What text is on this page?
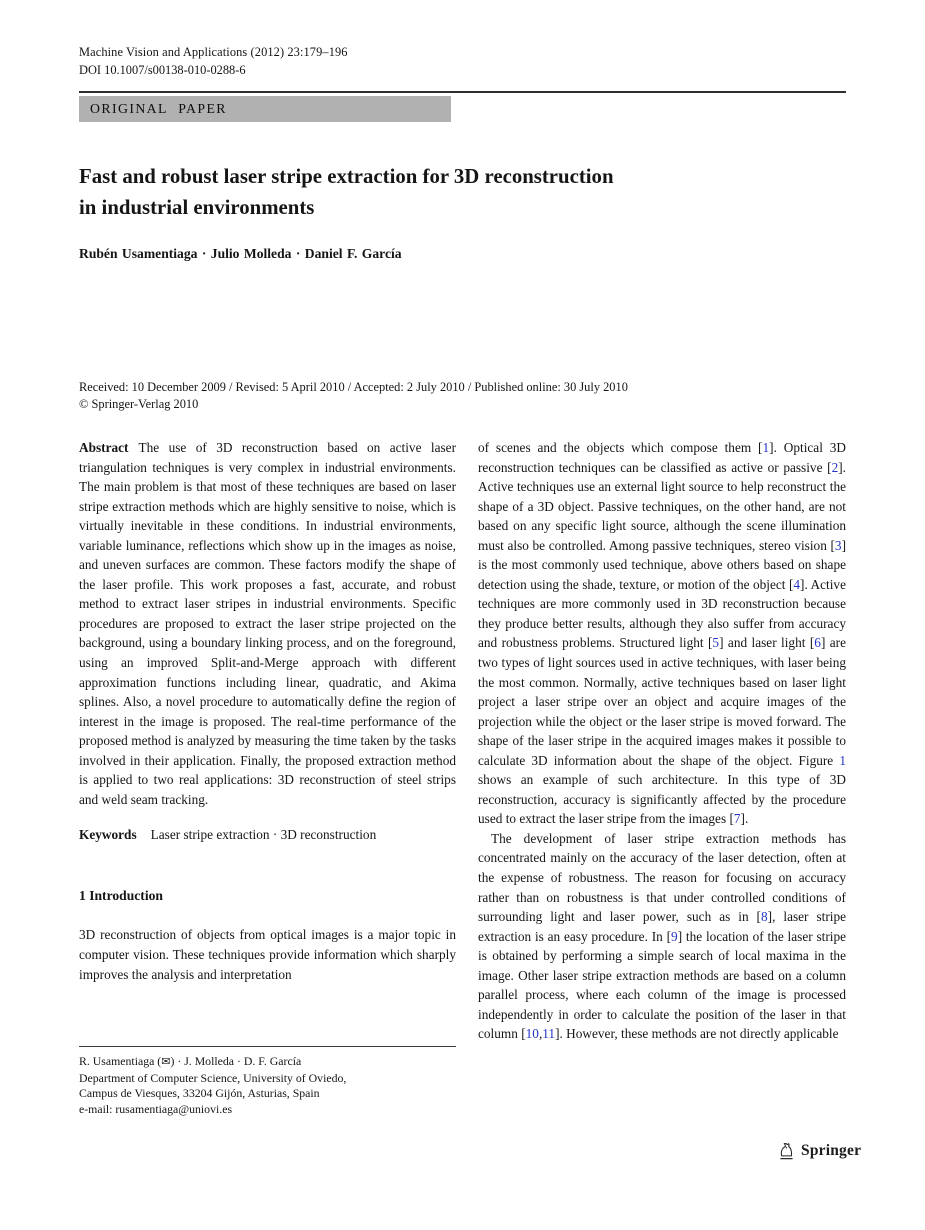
Machine Vision and Applications (2012) 23:179–196
DOI 10.1007/s00138-010-0288-6
ORIGINAL PAPER
Fast and robust laser stripe extraction for 3D reconstruction
in industrial environments
Rubén Usamentiaga · Julio Molleda · Daniel F. García
Received: 10 December 2009 / Revised: 5 April 2010 / Accepted: 2 July 2010 / Published online: 30 July 2010
© Springer-Verlag 2010

Abstract The use of 3D reconstruction based on active laser triangulation techniques is very complex in industrial environments. The main problem is that most of these techniques are based on laser stripe extraction methods which are highly sensitive to noise, which is virtually inevitable in these conditions. In industrial environments, variable luminance, reflections which show up in the images as noise, and uneven surfaces are common. These factors modify the shape of the laser profile. This work proposes a fast, accurate, and robust method to extract laser stripes in industrial environments. Specific procedures are proposed to extract the laser stripe projected on the background, using a boundary linking process, and on the foreground, using an improved Split-and-Merge approach with different approximation functions including linear, quadratic, and Akima splines. Also, a novel procedure to automatically define the region of interest in the image is proposed. The real-time performance of the proposed method is analyzed by measuring the time taken by the tasks involved in their application. Finally, the proposed extraction method is applied to two real applications: 3D reconstruction of steel strips and weld seam tracking.

Keywords Laser stripe extraction · 3D reconstruction

1 Introduction

3D reconstruction of objects from optical images is a major topic in computer vision. These techniques provide information which sharply improves the analysis and interpretation

of scenes and the objects which compose them [1]. Optical 3D reconstruction techniques can be classified as active or passive [2]. Active techniques use an external light source to help reconstruct the shape of a 3D object. Passive techniques, on the other hand, are not based on any specific light source, although the scene illumination must also be controlled. Among passive techniques, stereo vision [3] is the most commonly used technique, above others based on shape detection using the shade, texture, or motion of the object [4]. Active techniques are more commonly used in 3D reconstruction because they produce better results, although they also suffer from accuracy and robustness problems. Structured light [5] and laser light [6] are two types of light sources used in active techniques, with laser being the most common. Normally, active techniques based on laser light project a laser stripe over an object and acquire images of the projection while the object or the laser stripe is moved forward. The shape of the laser stripe in the acquired images makes it possible to calculate 3D information about the shape of the object. Figure 1 shows an example of such architecture. In this type of 3D reconstruction, accuracy is significantly affected by the procedure used to extract the laser stripe from the images [7].

The development of laser stripe extraction methods has concentrated mainly on the accuracy of the laser detection, often at the expense of robustness. The reason for focusing on accuracy rather than on robustness is that under controlled conditions of surrounding light and laser power, such as in [8], laser stripe extraction is an easy procedure. In [9] the location of the laser stripe is obtained by performing a simple search of local maxima in the image. Other laser stripe extraction methods are based on a column parallel process, where each column of the image is processed independently in order to calculate the position of the laser in that column [10,11]. However, these methods are not directly applicable

R. Usamentiaga (✉) · J. Molleda · D. F. García
Department of Computer Science, University of Oviedo,
Campus de Viesques, 33204 Gijón, Asturias, Spain
e-mail: rusamentiaga@uniovi.es
Springer
